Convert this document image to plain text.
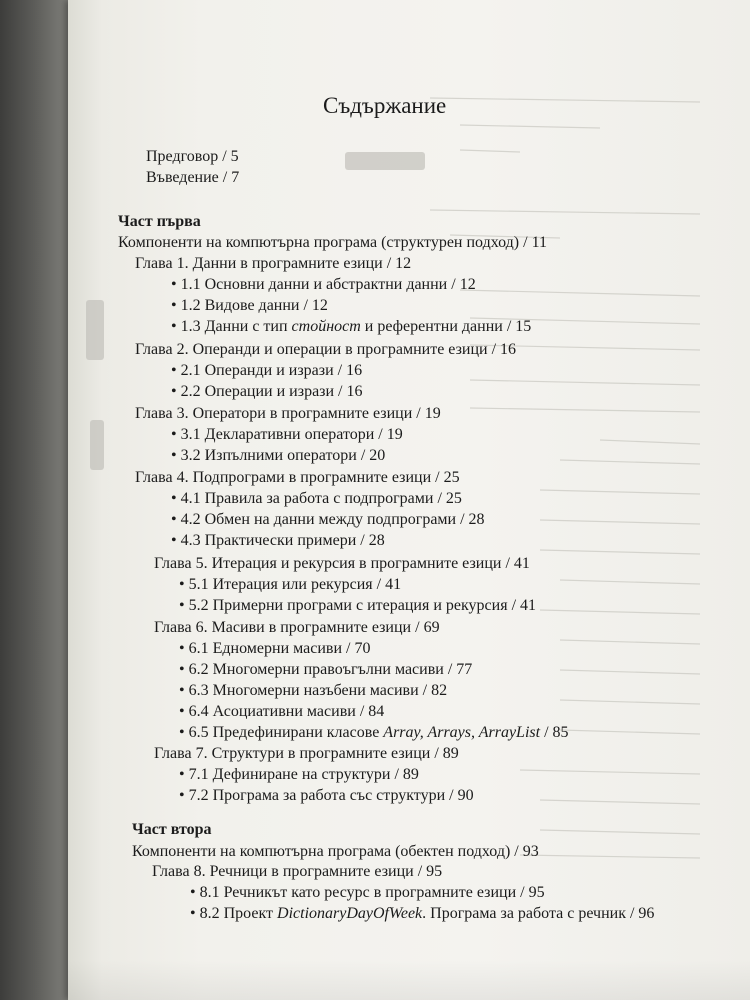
Съдържание
Предговор / 5
Въведение / 7
Част първа
Компоненти на компютърна програма (структурен подход) / 11
Глава 1. Данни в програмните езици / 12
• 1.1 Основни данни и абстрактни данни / 12
• 1.2 Видове данни / 12
• 1.3 Данни с тип стойност и референтни данни / 15
Глава 2. Операнди и операции в програмните езици / 16
• 2.1 Операнди и изрази / 16
• 2.2 Операции и изрази / 16
Глава 3. Оператори в програмните езици / 19
• 3.1 Декларативни оператори / 19
• 3.2 Изпълними оператори / 20
Глава 4. Подпрограми в програмните езици / 25
• 4.1 Правила за работа с подпрограми / 25
• 4.2 Обмен на данни между подпрограми / 28
• 4.3 Практически примери / 28
Глава 5. Итерация и рекурсия в програмните езици / 41
• 5.1 Итерация или рекурсия / 41
• 5.2 Примерни програми с итерация и рекурсия / 41
Глава 6. Масиви в програмните езици / 69
• 6.1 Едномерни масиви / 70
• 6.2 Многомерни правоъгълни масиви / 77
• 6.3 Многомерни назъбени масиви / 82
• 6.4 Асоциативни масиви / 84
• 6.5 Предефинирани класове Array, Arrays, ArrayList / 85
Глава 7. Структури в програмните езици / 89
• 7.1 Дефиниране на структури / 89
• 7.2 Програма за работа със структури / 90
Част втора
Компоненти на компютърна програма (обектен подход) / 93
Глава 8. Речници в програмните езици / 95
• 8.1 Речникът като ресурс в програмните езици / 95
• 8.2 Проект DictionaryDayOfWeek. Програма за работа с речник / 96
